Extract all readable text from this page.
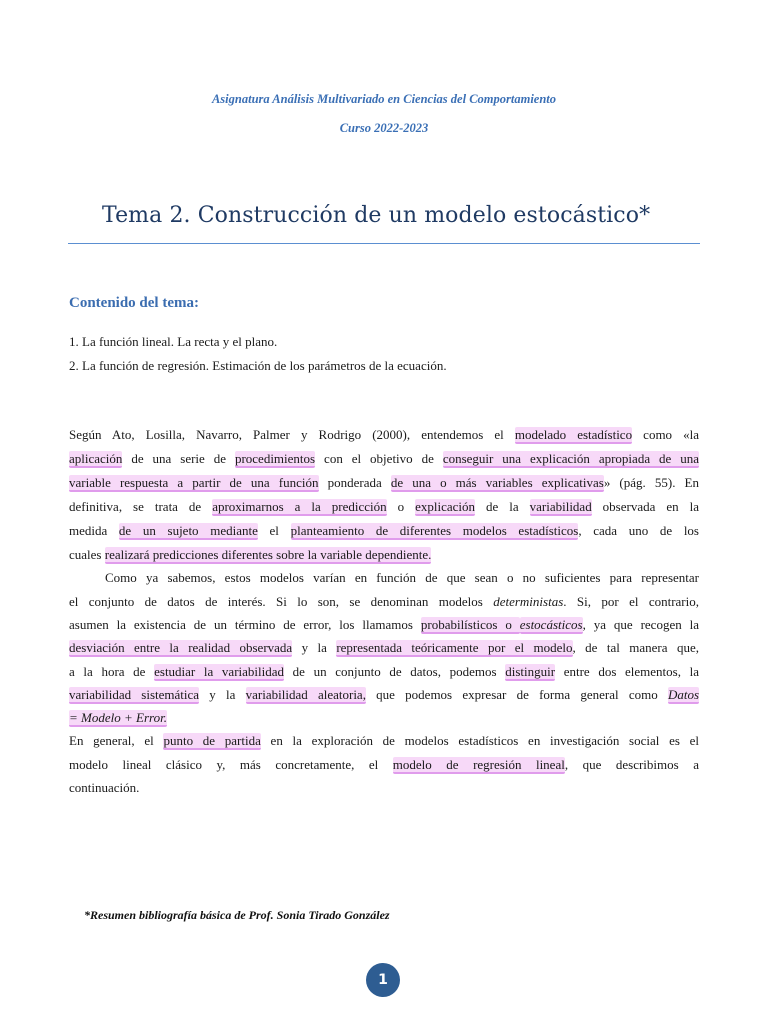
Asignatura Análisis Multivariado en Ciencias del Comportamiento
Curso 2022-2023
Tema 2. Construcción de un modelo estocástico*
Contenido del tema:
1. La función lineal. La recta y el plano.
2. La función de regresión. Estimación de los parámetros de la ecuación.
Según Ato, Losilla, Navarro, Palmer y Rodrigo (2000), entendemos el modelado estadístico como «la
aplicación de una serie de procedimientos con el objetivo de conseguir una explicación apropiada de una
variable respuesta a partir de una función ponderada de una o más variables explicativas» (pág. 55). En
definitiva, se trata de aproximarnos a la predicción o explicación de la variabilidad observada en la
medida de un sujeto mediante el planteamiento de diferentes modelos estadísticos, cada uno de los
cuales realizará predicciones diferentes sobre la variable dependiente.
Como ya sabemos, estos modelos varían en función de que sean o no suficientes para representar
el conjunto de datos de interés. Si lo son, se denominan modelos deterministas. Si, por el contrario,
asumen la existencia de un término de error, los llamamos probabilísticos o estocásticos, ya que recogen la
desviación entre la realidad observada y la representada teóricamente por el modelo, de tal manera que,
a la hora de estudiar la variabilidad de un conjunto de datos, podemos distinguir entre dos elementos, la
variabilidad sistemática y la variabilidad aleatoria, que podemos expresar de forma general como Datos
= Modelo + Error.
En general, el punto de partida en la exploración de modelos estadísticos en investigación social es el
modelo lineal clásico y, más concretamente, el modelo de regresión lineal, que describimos a
continuación.
*Resumen bibliografía básica de Prof. Sonia Tirado González
1
